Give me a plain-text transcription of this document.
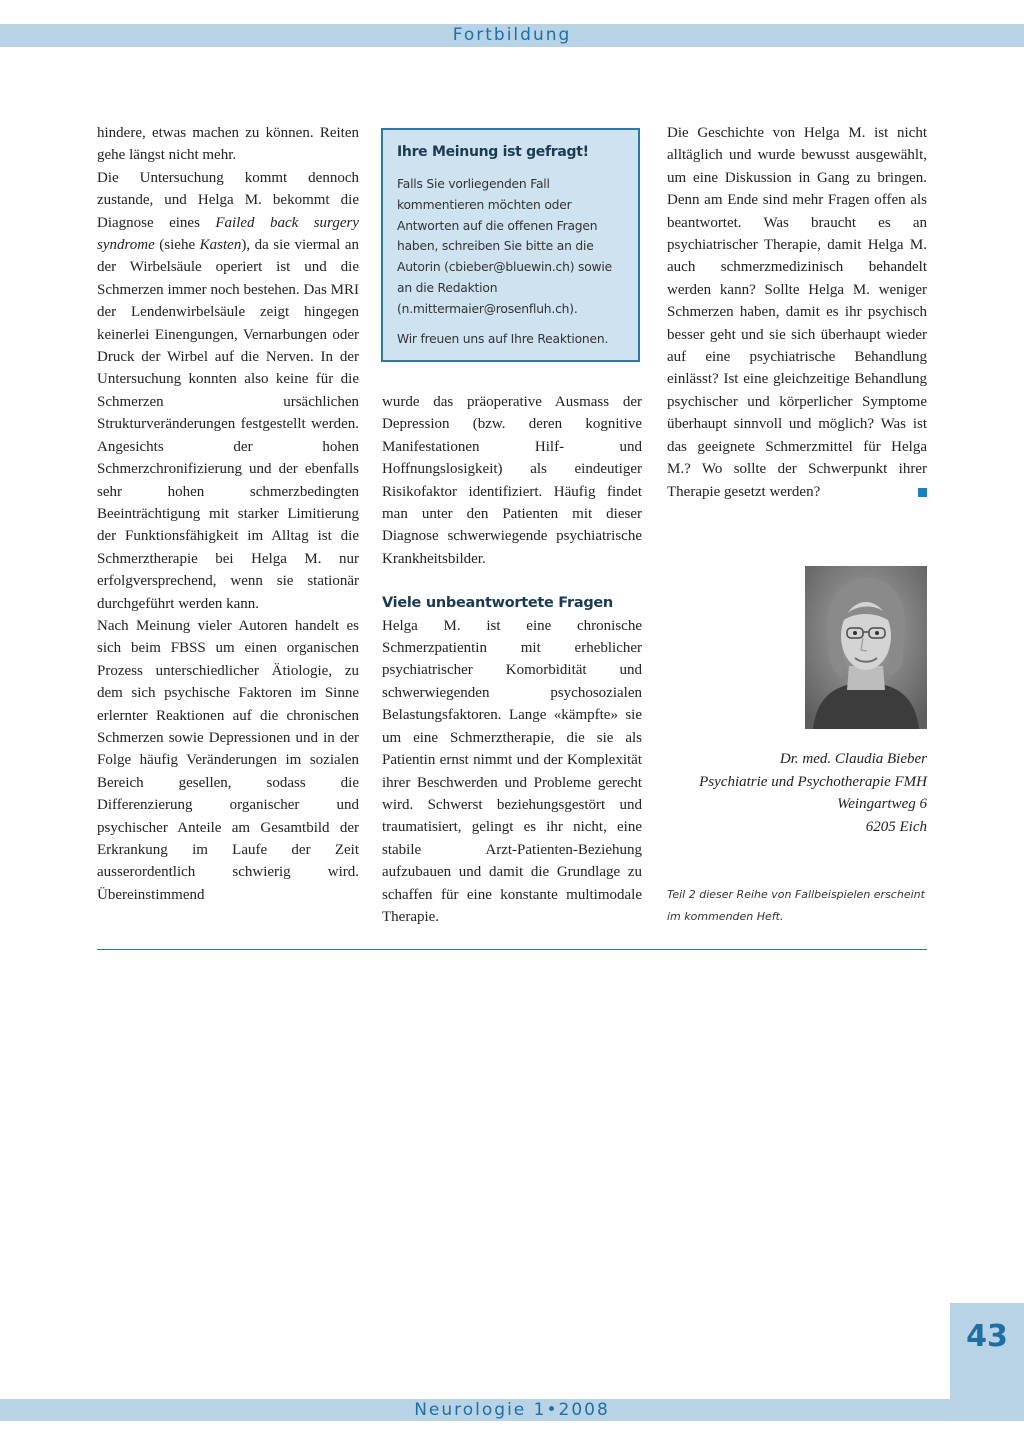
Fortbildung

hindere, etwas machen zu können. Reiten gehe längst nicht mehr.

Die Untersuchung kommt dennoch zustande, und Helga M. bekommt die Diagnose eines Failed back surgery syndrome (siehe Kasten), da sie viermal an der Wirbelsäule operiert ist und die Schmerzen immer noch bestehen. Das MRI der Lendenwirbelsäule zeigt hingegen keinerlei Einengungen, Vernarbungen oder Druck der Wirbel auf die Nerven. In der Untersuchung konnten also keine für die Schmerzen ursächlichen Strukturveränderungen festgestellt werden. Angesichts der hohen Schmerzchronifizierung und der ebenfalls sehr hohen schmerzbedingten Beeinträchtigung mit starker Limitierung der Funktionsfähigkeit im Alltag ist die Schmerztherapie bei Helga M. nur erfolgversprechend, wenn sie stationär durchgeführt werden kann.

Nach Meinung vieler Autoren handelt es sich beim FBSS um einen organischen Prozess unterschiedlicher Ätiologie, zu dem sich psychische Faktoren im Sinne erlernter Reaktionen auf die chronischen Schmerzen sowie Depressionen und in der Folge häufig Veränderungen im sozialen Bereich gesellen, sodass die Differenzierung organischer und psychischer Anteile am Gesamtbild der Erkrankung im Laufe der Zeit ausserordentlich schwierig wird. Übereinstimmend

Ihre Meinung ist gefragt!
Falls Sie vorliegenden Fall kommentieren möchten oder Antworten auf die offenen Fragen haben, schreiben Sie bitte an die Autorin (cbieber@bluewin.ch) sowie an die Redaktion (n.mittermaier@rosenfluh.ch).
Wir freuen uns auf Ihre Reaktionen.

wurde das präoperative Ausmass der Depression (bzw. deren kognitive Manifestationen Hilf- und Hoffnungslosigkeit) als eindeutiger Risikofaktor identifiziert. Häufig findet man unter den Patienten mit dieser Diagnose schwerwiegende psychiatrische Krankheitsbilder.

Viele unbeantwortete Fragen

Helga M. ist eine chronische Schmerzpatientin mit erheblicher psychiatrischer Komorbidität und schwerwiegenden psychosozialen Belastungsfaktoren. Lange «kämpfte» sie um eine Schmerztherapie, die sie als Patientin ernst nimmt und der Komplexität ihrer Beschwerden und Probleme gerecht wird. Schwerst beziehungsgestört und traumatisiert, gelingt es ihr nicht, eine stabile Arzt-Patienten-Beziehung aufzubauen und damit die Grundlage zu schaffen für eine konstante multimodale Therapie.

Die Geschichte von Helga M. ist nicht alltäglich und wurde bewusst ausgewählt, um eine Diskussion in Gang zu bringen. Denn am Ende sind mehr Fragen offen als beantwortet. Was braucht es an psychiatrischer Therapie, damit Helga M. auch schmerzmedizinisch behandelt werden kann? Sollte Helga M. weniger Schmerzen haben, damit es ihr psychisch besser geht und sie sich überhaupt wieder auf eine psychiatrische Behandlung einlässt? Ist eine gleichzeitige Behandlung psychischer und körperlicher Symptome überhaupt sinnvoll und möglich? Was ist das geeignete Schmerzmittel für Helga M.? Wo sollte der Schwerpunkt ihrer Therapie gesetzt werden?

Dr. med. Claudia Bieber
Psychiatrie und Psychotherapie FMH
Weingartweg 6
6205 Eich
Teil 2 dieser Reihe von Fallbeispielen erscheint im kommenden Heft.
43
Neurologie 1•2008
